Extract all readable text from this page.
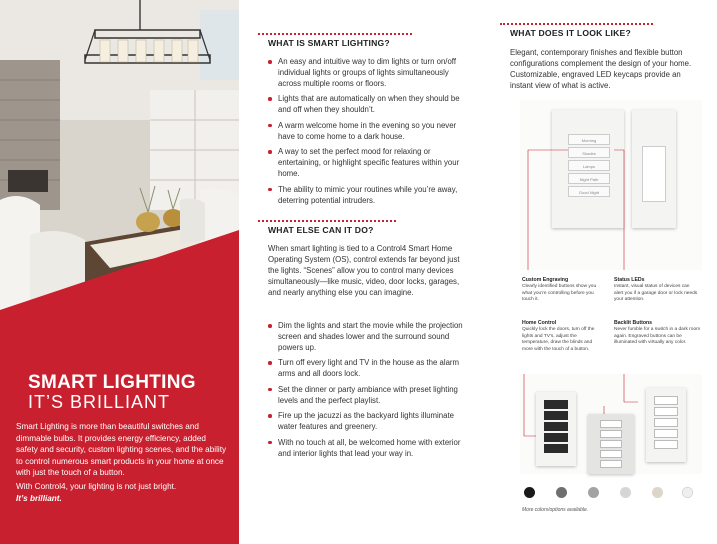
SMART LIGHTING
IT’S BRILLIANT

Smart Lighting is more than beautiful switches and dimmable bulbs. It provides energy efficiency, added safety and security, custom lighting scenes, and the ability to control numerous smart products in your home at once with just the touch of a button.

With Control4, your lighting is not just bright.
It’s brilliant.

WHAT IS SMART LIGHTING?
An easy and intuitive way to dim lights or turn on/off individual lights or groups of lights simultaneously across multiple rooms or floors.
Lights that are automatically on when they should be and off when they shouldn’t.
A warm welcome home in the evening so you never have to come home to a dark house.
A way to set the perfect mood for relaxing or entertaining, or highlight specific features within your home.
The ability to mimic your routines while you’re away, deterring potential intruders.
WHAT ELSE CAN IT DO?

When smart lighting is tied to a Control4 Smart Home Operating System (OS), control extends far beyond just the lights. “Scenes” allow you to control many devices simultaneously—like music, video, door locks, garages, and nearly anything else you can imagine.

Dim the lights and start the movie while the projection screen and shades lower and the surround sound powers up.
Turn off every light and TV in the house as the alarm arms and all doors lock.
Set the dinner or party ambiance with preset lighting levels and the perfect playlist.
Fire up the jacuzzi as the backyard lights illuminate water features and greenery.
With no touch at all, be welcomed home with exterior and interior lights that lead your way in.
WHAT DOES IT LOOK LIKE?

Elegant, contemporary finishes and flexible button configurations complement the design of your home. Customizable, engraved LED keycaps provide an instant view of what is active.

Morning
Shades
Lamps
Night Path
Good Night
Custom Engraving
Clearly identified buttons show you what you’re controlling before you touch it.
Status LEDs
Instant, visual status of devices can alert you if a garage door or lock needs your attention.
Home Control
Quickly lock the doors, turn off the lights and TV’s, adjust the temperature, draw the blinds and more with the touch of a button.
Backlit Buttons
Never fumble for a switch in a dark room again. Engraved buttons can be illuminated with virtually any color.
More colors/options available.
